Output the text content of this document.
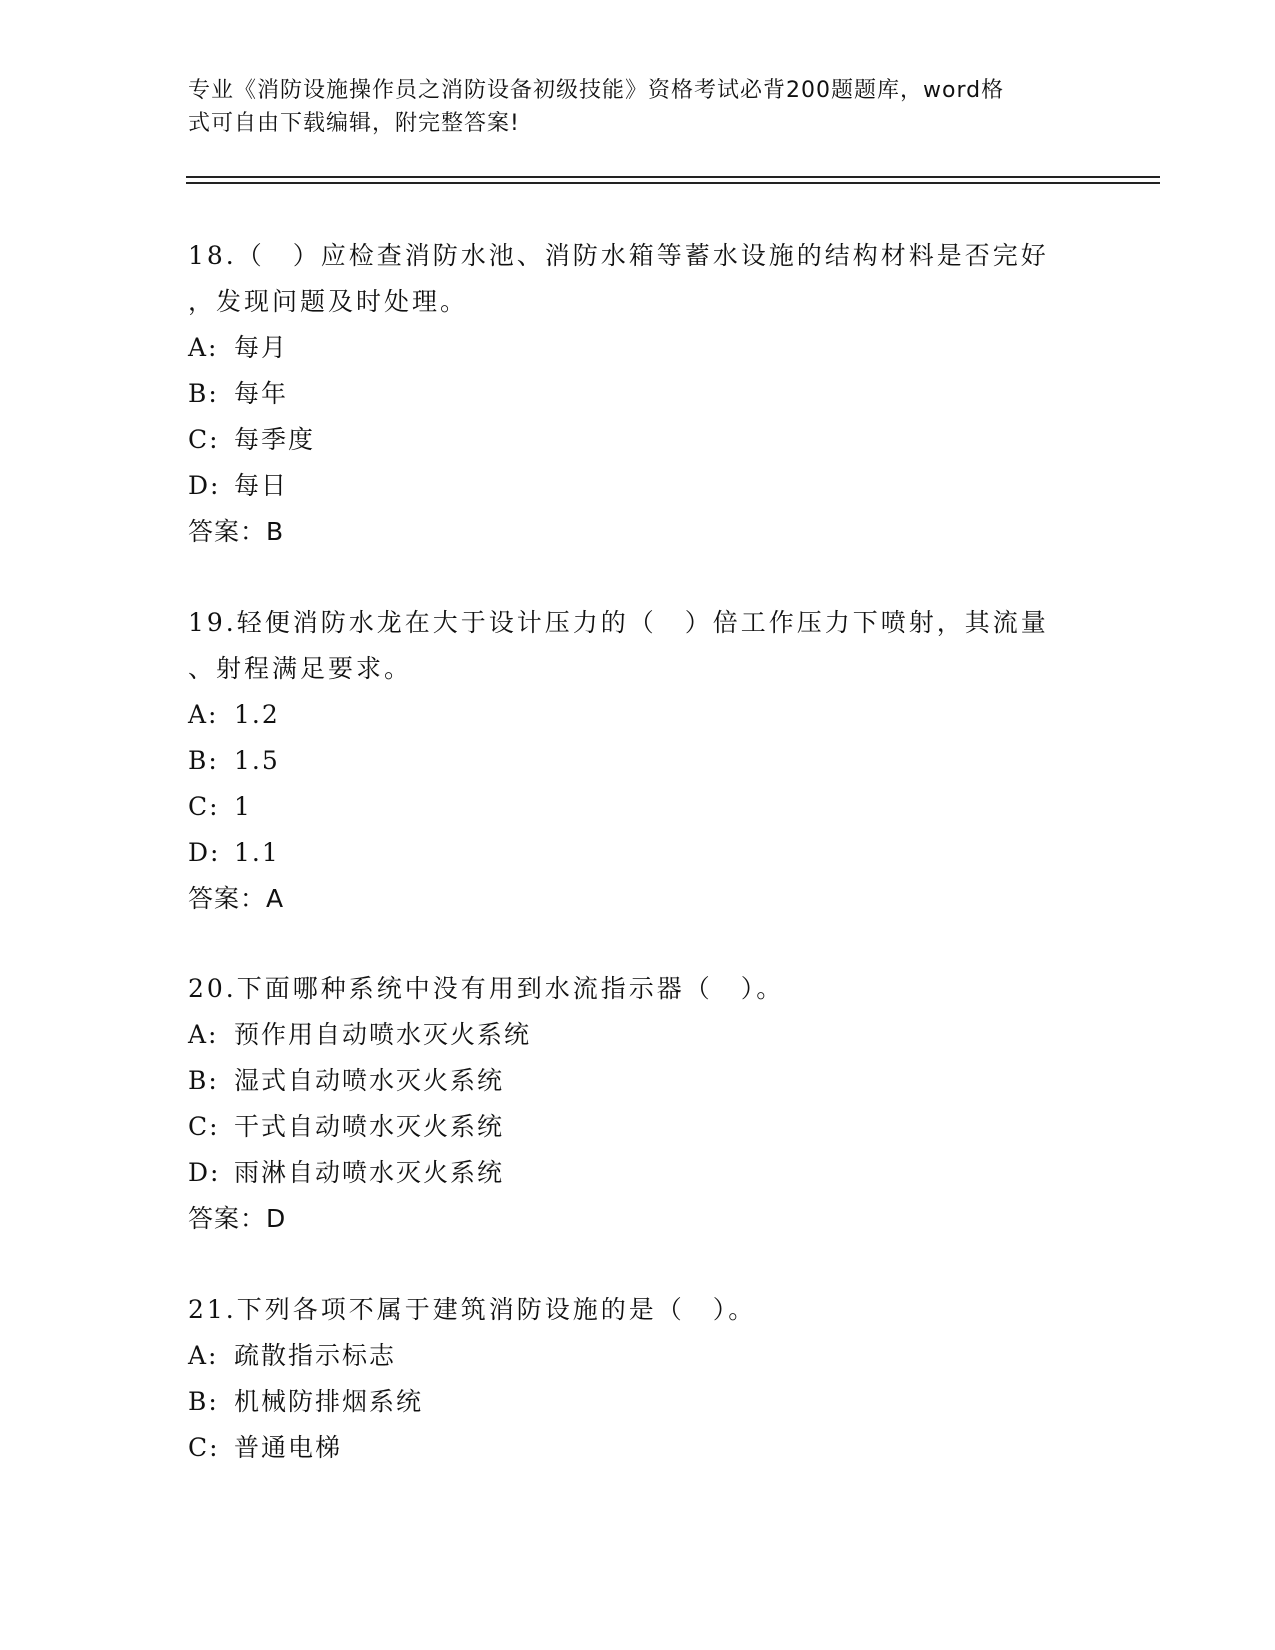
专业《消防设施操作员之消防设备初级技能》资格考试必背200题题库，word格
式可自由下载编辑，附完整答案!

18.（　）应检查消防水池、消防水箱等蓄水设施的结构材料是否完好

，发现问题及时处理。

A: 每月

B: 每年

C: 每季度

D: 每日

答案：B

19.轻便消防水龙在大于设计压力的（　）倍工作压力下喷射，其流量

、射程满足要求。

A: 1.2

B: 1.5

C: 1

D: 1.1

答案：A

20.下面哪种系统中没有用到水流指示器（　）。

A: 预作用自动喷水灭火系统

B: 湿式自动喷水灭火系统

C: 干式自动喷水灭火系统

D: 雨淋自动喷水灭火系统

答案：D

21.下列各项不属于建筑消防设施的是（　）。

A: 疏散指示标志

B: 机械防排烟系统

C: 普通电梯
